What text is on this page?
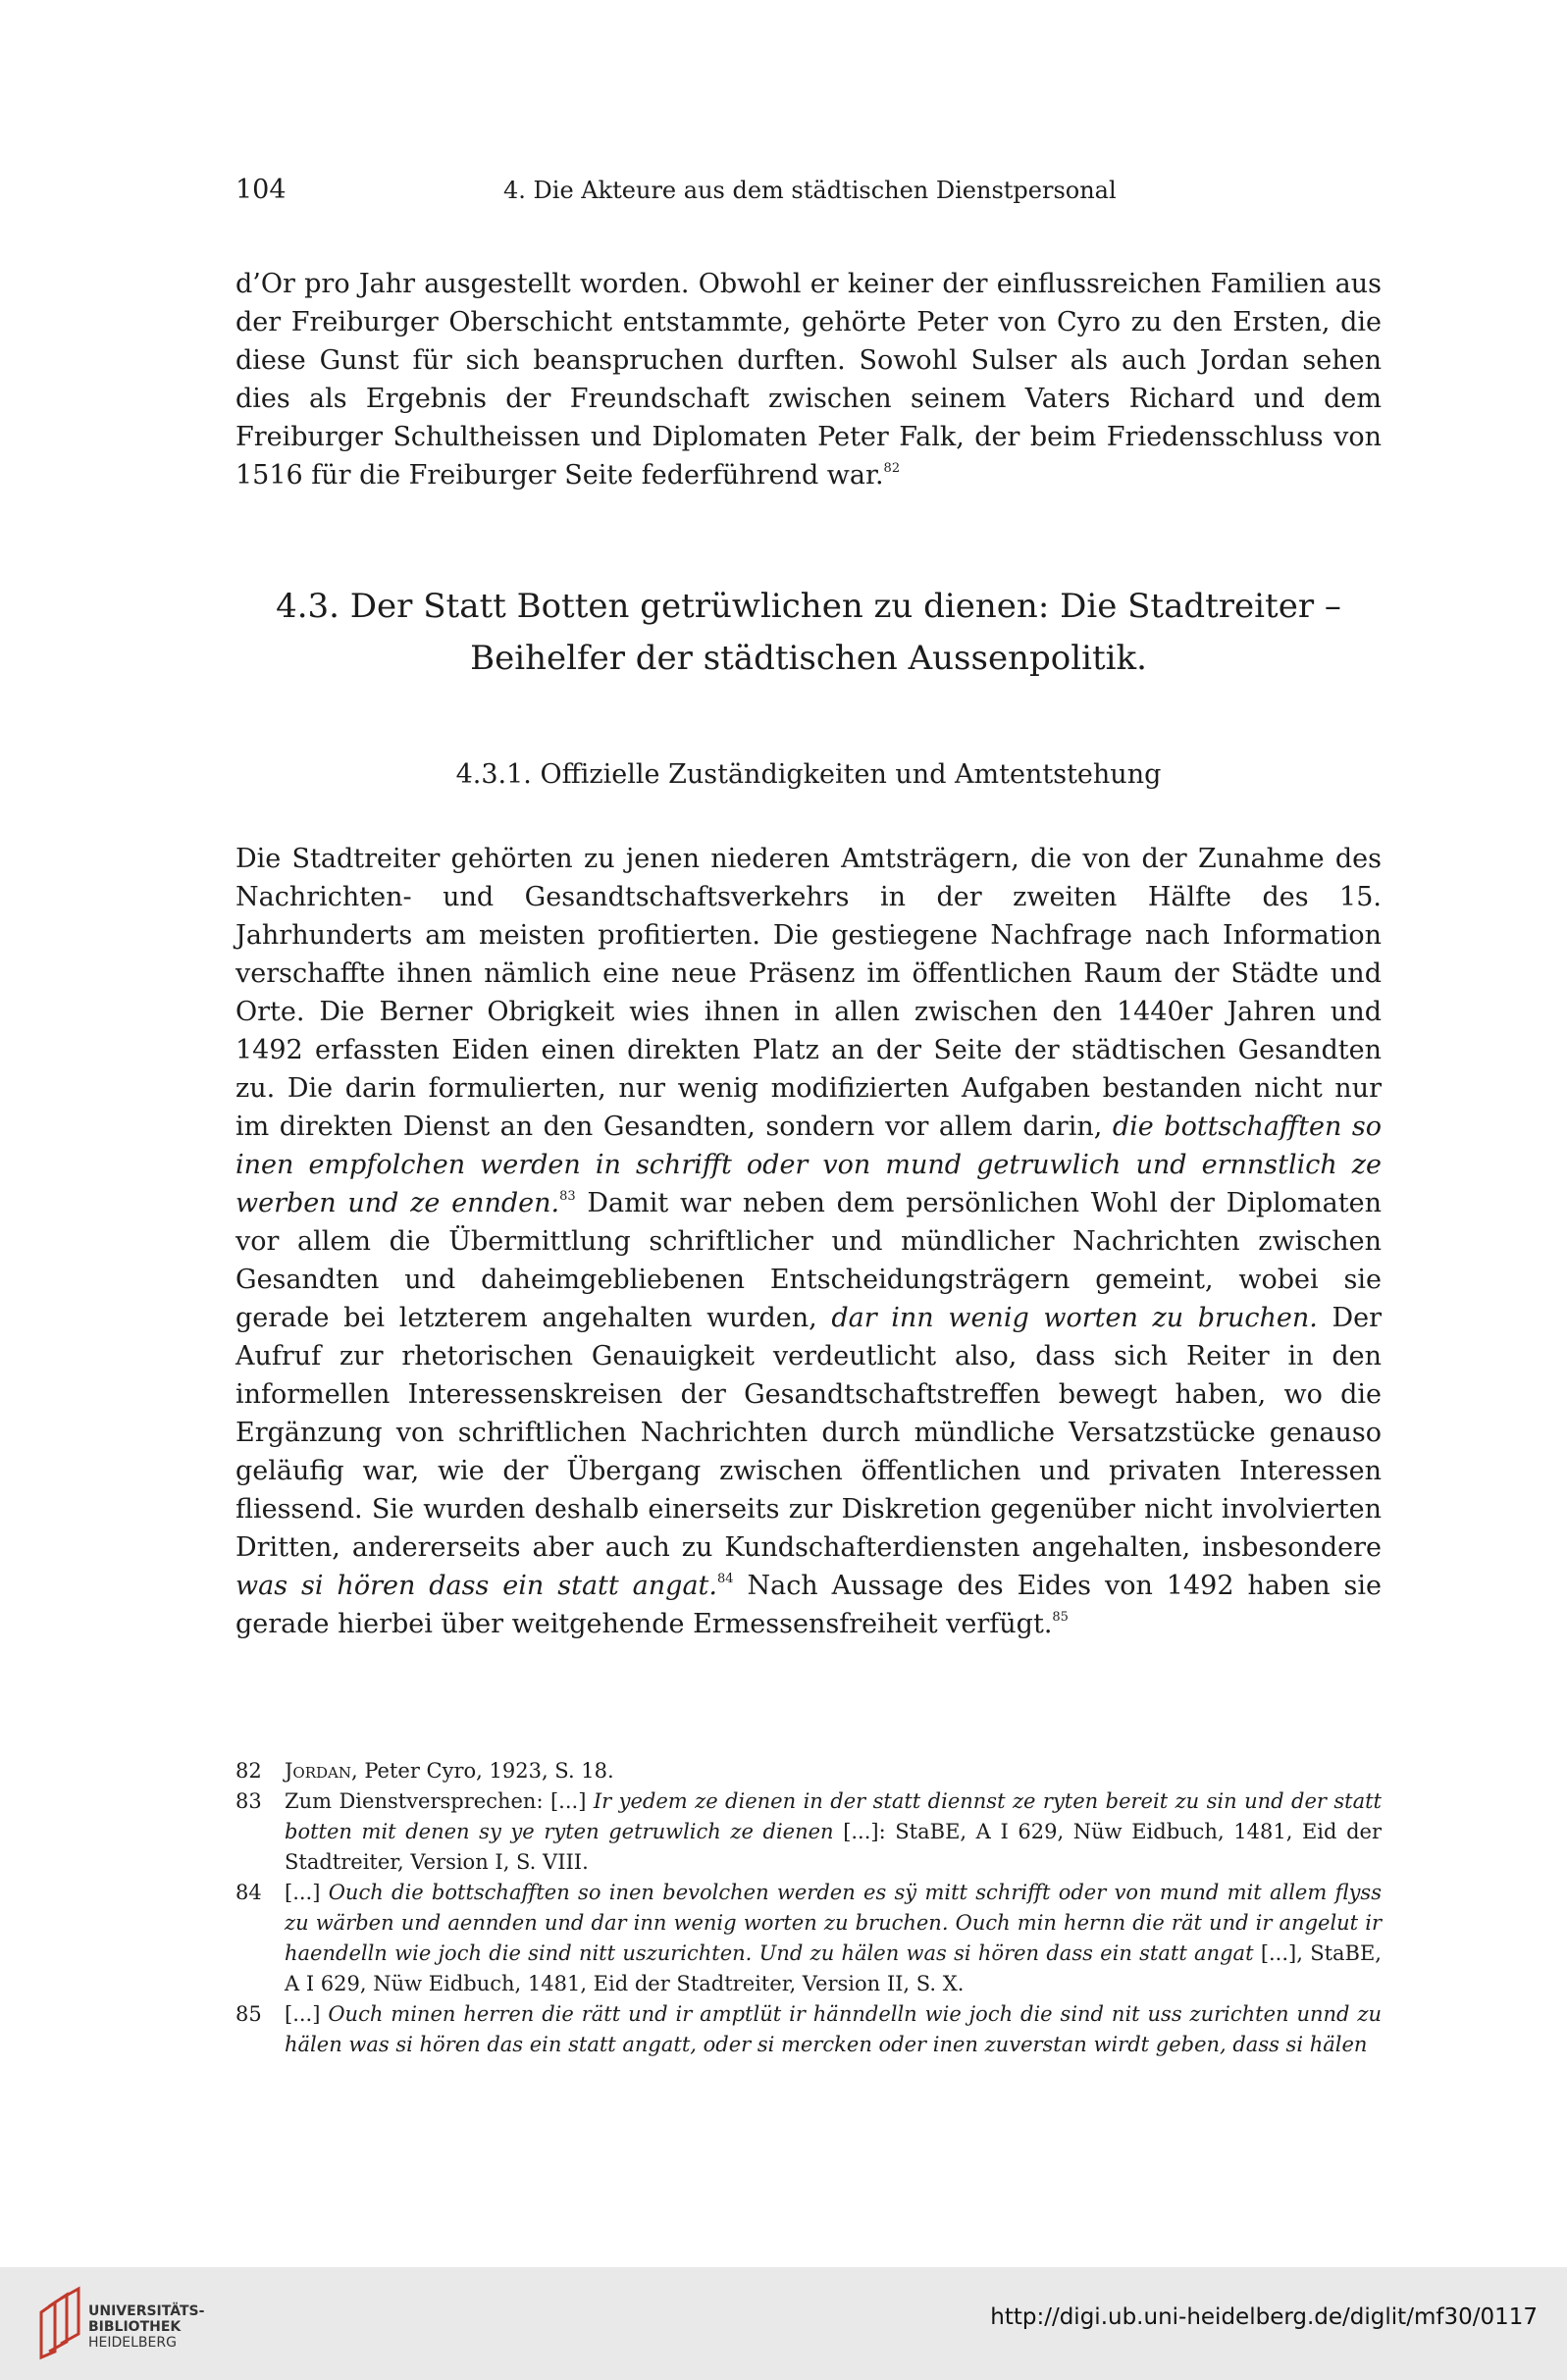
104	4. Die Akteure aus dem städtischen Dienstpersonal

d’Or pro Jahr ausgestellt worden. Obwohl er keiner der einflussreichen Familien aus der Freiburger Oberschicht entstammte, gehörte Peter von Cyro zu den Ersten, die diese Gunst für sich beanspruchen durften. Sowohl Sulser als auch Jordan sehen dies als Ergebnis der Freundschaft zwischen seinem Vaters Richard und dem Freiburger Schultheissen und Diplomaten Peter Falk, der beim Friedensschluss von 1516 für die Freiburger Seite federführend war.$^{82}$

4.3. Der Statt Botten getrüwlichen zu dienen: Die Stadtreiter –
Beihelfer der städtischen Aussenpolitik.
4.3.1. Offizielle Zuständigkeiten und Amtentstehung

Die Stadtreiter gehörten zu jenen niederen Amtsträgern, die von der Zunahme des Nachrichten- und Gesandtschaftsverkehrs in der zweiten Hälfte des 15. Jahrhunderts am meisten profitierten. Die gestiegene Nachfrage nach Information verschaffte ihnen nämlich eine neue Präsenz im öffentlichen Raum der Städte und Orte. Die Berner Obrigkeit wies ihnen in allen zwischen den 1440er Jahren und 1492 erfassten Eiden einen direkten Platz an der Seite der städtischen Gesandten zu. Die darin formulierten, nur wenig modifizierten Aufgaben bestanden nicht nur im direkten Dienst an den Gesandten, sondern vor allem darin, die bottschafften so inen empfolchen werden in schrifft oder von mund getruwlich und ernnstlich ze werben und ze ennden.$^{83}$ Damit war neben dem persönlichen Wohl der Diplomaten vor allem die Übermittlung schriftlicher und mündlicher Nachrichten zwischen Gesandten und daheimgebliebenen Entscheidungsträgern gemeint, wobei sie gerade bei letzterem angehalten wurden, dar inn wenig worten zu bruchen. Der Aufruf zur rhetorischen Genauigkeit verdeutlicht also, dass sich Reiter in den informellen Interessenskreisen der Gesandtschaftstreffen bewegt haben, wo die Ergänzung von schriftlichen Nachrichten durch mündliche Versatzstücke genauso geläufig war, wie der Übergang zwischen öffentlichen und privaten Interessen fliessend. Sie wurden deshalb einerseits zur Diskretion gegenüber nicht involvierten Dritten, andererseits aber auch zu Kundschafterdiensten angehalten, insbesondere was si hören dass ein statt angat.$^{84}$ Nach Aussage des Eides von 1492 haben sie gerade hierbei über weitgehende Ermessensfreiheit verfügt.$^{85}$

82 Jordan, Peter Cyro, 1923, S. 18.

83 Zum Dienstversprechen: [...] Ir yedem ze dienen in der statt diennst ze ryten bereit zu sin und der statt botten mit denen sy ye ryten getruwlich ze dienen [...]: StaBE, A I 629, Nüw Eidbuch, 1481, Eid der Stadtreiter, Version I, S. VIII.

84 [...] Ouch die bottschafften so inen bevolchen werden es sÿ mitt schrifft oder von mund mit allem flyss zu wärben und aennden und dar inn wenig worten zu bruchen. Ouch min hernn die rät und ir angelut ir haendelln wie joch die sind nitt uszurichten. Und zu hälen was si hören dass ein statt angat [...], StaBE, A I 629, Nüw Eidbuch, 1481, Eid der Stadtreiter, Version II, S. X.

85 [...] Ouch minen herren die rätt und ir amptlüt ir hänndelln wie joch die sind nit uss zurichten unnd zu hälen was si hören das ein statt angatt, oder si mercken oder inen zuverstan wirdt geben, dass si hälen

UNIVERSITÄTS-
BIBLIOTHEK
HEIDELBERG
http://digi.ub.uni-heidelberg.de/diglit/mf30/0117
